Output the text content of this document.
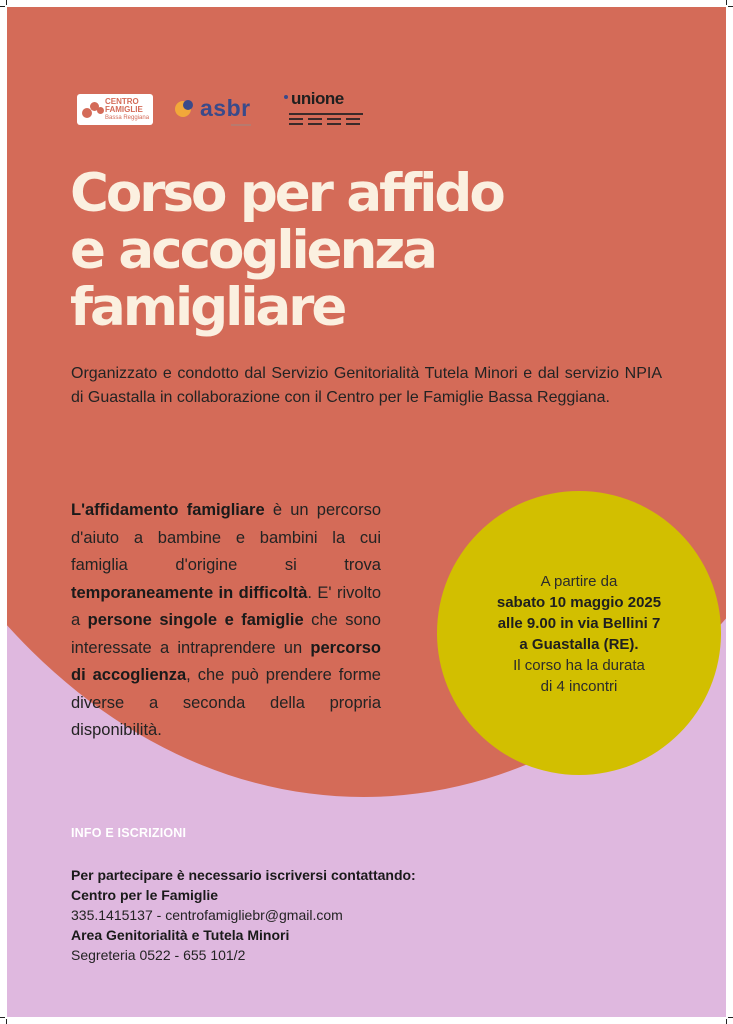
CENTRO
FAMIGLIE
Bassa Reggiana asbr unione
Corso per affido
e accoglienza
famigliare

Organizzato e condotto dal Servizio Genitorialità Tutela Minori e dal servizio NPIA di Guastalla in collaborazione con il Centro per le Famiglie Bassa Reggiana.

L'affidamento famigliare è un percorso d'aiuto a bambine e bambini la cui famiglia d'origine si trova temporaneamente in difficoltà. E' rivolto a persone singole e famiglie che sono interessate a intraprendere un percorso di accoglienza, che può prendere forme diverse a seconda della propria disponibilità.

A partire da
sabato 10 maggio 2025
alle 9.00 in via Bellini 7
a Guastalla (RE).
Il corso ha la durata
di 4 incontri

INFO E ISCRIZIONI

Per partecipare è necessario iscriversi contattando:
Centro per le Famiglie
335.1415137 - centrofamigliebr@gmail.com
Area Genitorialità e Tutela Minori
Segreteria 0522 - 655 101/2
